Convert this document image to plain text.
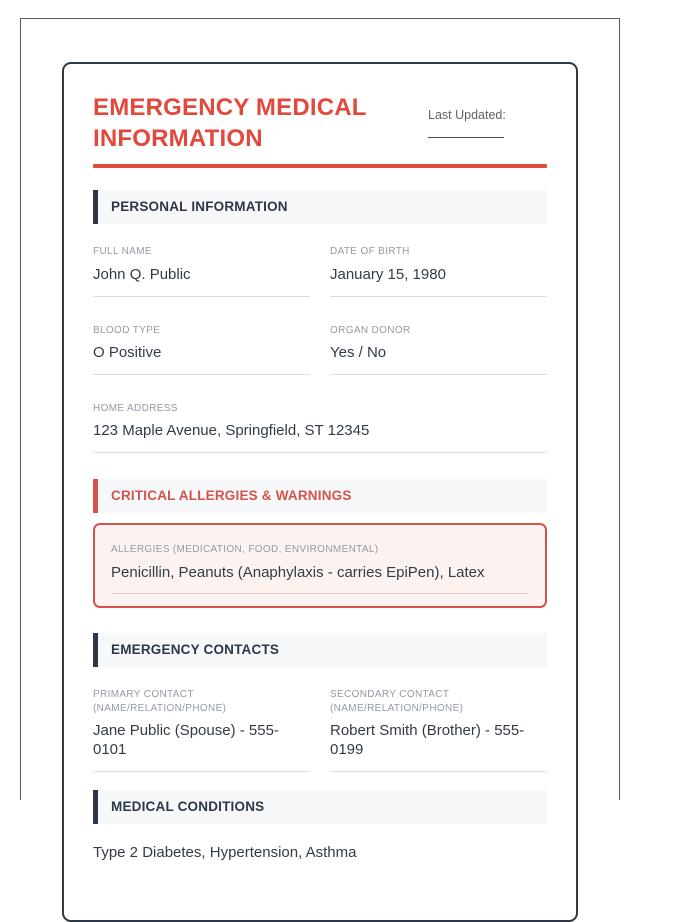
EMERGENCY MEDICAL INFORMATION
Last Updated:
PERSONAL INFORMATION
FULL NAME
John Q. Public
DATE OF BIRTH
January 15, 1980
BLOOD TYPE
O Positive
ORGAN DONOR
Yes / No
HOME ADDRESS
123 Maple Avenue, Springfield, ST 12345
CRITICAL ALLERGIES & WARNINGS
ALLERGIES (MEDICATION, FOOD, ENVIRONMENTAL)
Penicillin, Peanuts (Anaphylaxis - carries EpiPen), Latex
EMERGENCY CONTACTS
PRIMARY CONTACT (NAME/RELATION/PHONE)
Jane Public (Spouse) - 555-0101
SECONDARY CONTACT (NAME/RELATION/PHONE)
Robert Smith (Brother) - 555-0199
MEDICAL CONDITIONS
Type 2 Diabetes, Hypertension, Asthma
